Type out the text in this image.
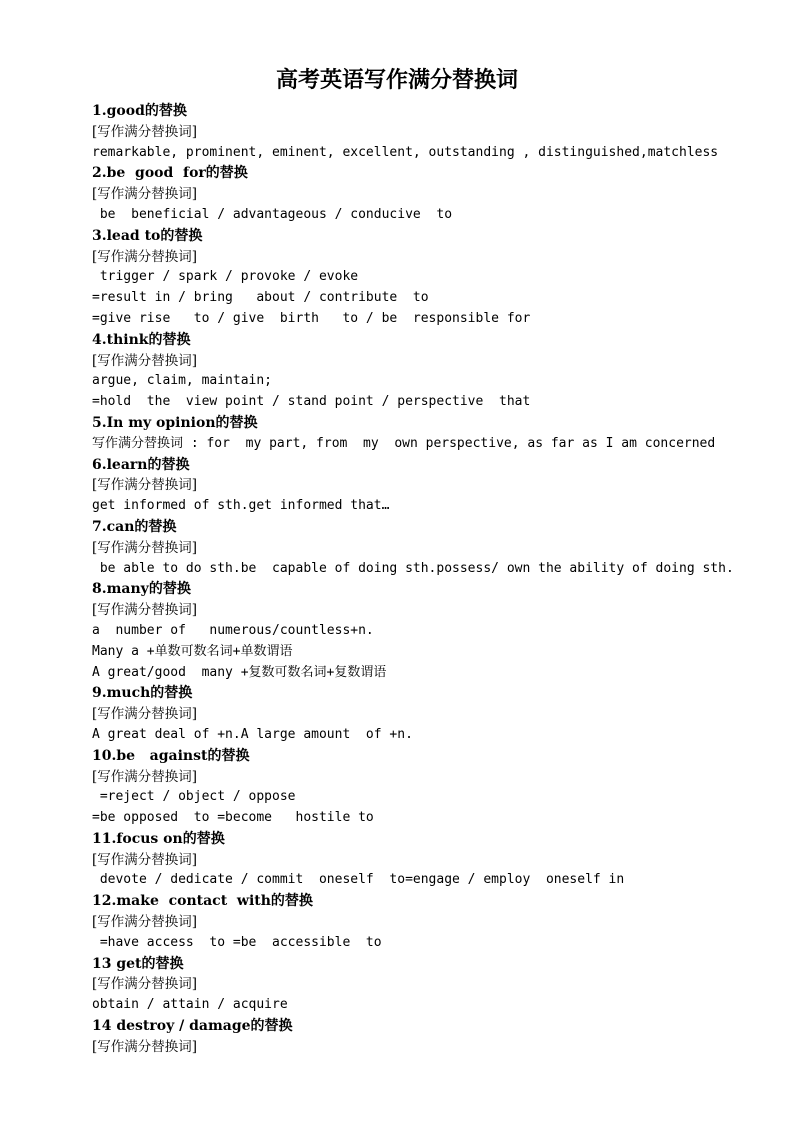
高考英语写作满分替换词
1.good的替换
[写作满分替换词]
remarkable, prominent, eminent, excellent, outstanding , distinguished,matchless
2.be  good  for的替换
[写作满分替换词]
be  beneficial / advantageous / conducive  to
3.lead to的替换
[写作满分替换词]
trigger / spark / provoke / evoke
=result in / bring   about / contribute  to
=give rise   to / give  birth   to / be  responsible for
4.think的替换
[写作满分替换词]
argue, claim, maintain;
=hold  the  view point / stand point / perspective  that
5.In my opinion的替换
写作满分替换词 : for  my part, from  my  own perspective, as far as I am concerned
6.learn的替换
[写作满分替换词]
get informed of sth.get informed that…
7.can的替换
[写作满分替换词]
be able to do sth.be  capable of doing sth.possess/ own the ability of doing sth.
8.many的替换
[写作满分替换词]
a  number of   numerous/countless+n.
Many a +单数可数名词+单数谓语
A great/good  many +复数可数名词+复数谓语
9.much的替换
[写作满分替换词]
A great deal of +n.A large amount  of +n.
10.be   against的替换
[写作满分替换词]
=reject / object / oppose
=be opposed  to =become   hostile to
11.focus on的替换
[写作满分替换词]
devote / dedicate / commit  oneself  to=engage / employ  oneself in
12.make  contact  with的替换
[写作满分替换词]
=have access  to =be  accessible  to
13 get的替换
[写作满分替换词]
obtain / attain / acquire
14 destroy / damage的替换
[写作满分替换词]
